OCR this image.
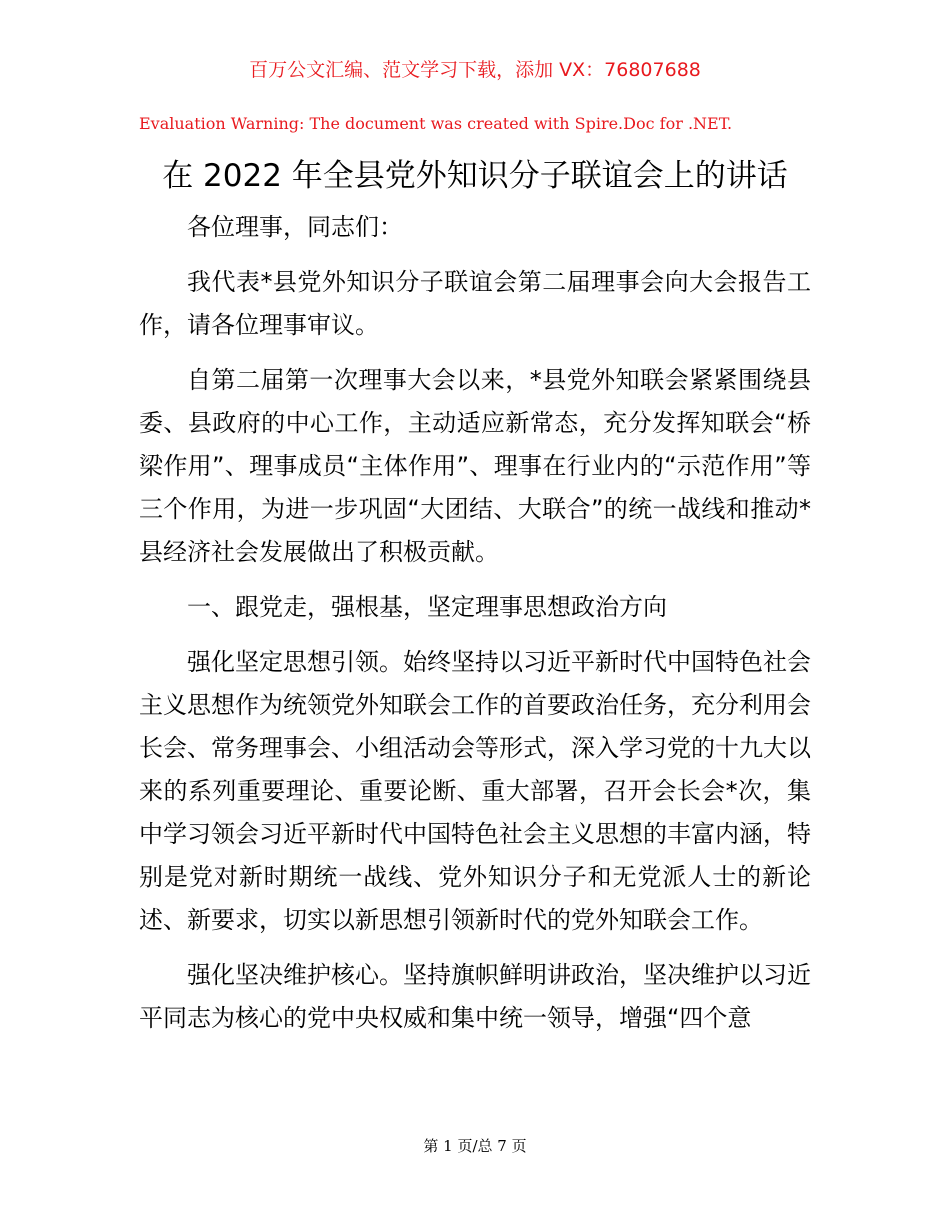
百万公文汇编、范文学习下载，添加 VX：76807688
Evaluation Warning: The document was created with Spire.Doc for .NET.
在 2022 年全县党外知识分子联谊会上的讲话

各位理事，同志们：

我代表*县党外知识分子联谊会第二届理事会向大会报告工作，请各位理事审议。

自第二届第一次理事大会以来，*县党外知联会紧紧围绕县委、县政府的中心工作，主动适应新常态，充分发挥知联会“桥梁作用”、理事成员“主体作用”、理事在行业内的“示范作用”等三个作用，为进一步巩固“大团结、大联合”的统一战线和推动*县经济社会发展做出了积极贡献。

一、跟党走，强根基，坚定理事思想政治方向

强化坚定思想引领。始终坚持以习近平新时代中国特色社会主义思想作为统领党外知联会工作的首要政治任务，充分利用会长会、常务理事会、小组活动会等形式，深入学习党的十九大以来的系列重要理论、重要论断、重大部署，召开会长会*次，集中学习领会习近平新时代中国特色社会主义思想的丰富内涵，特别是党对新时期统一战线、党外知识分子和无党派人士的新论述、新要求，切实以新思想引领新时代的党外知联会工作。

强化坚决维护核心。坚持旗帜鲜明讲政治，坚决维护以习近平同志为核心的党中央权威和集中统一领导，增强“四个意

第 1 页/总 7 页
